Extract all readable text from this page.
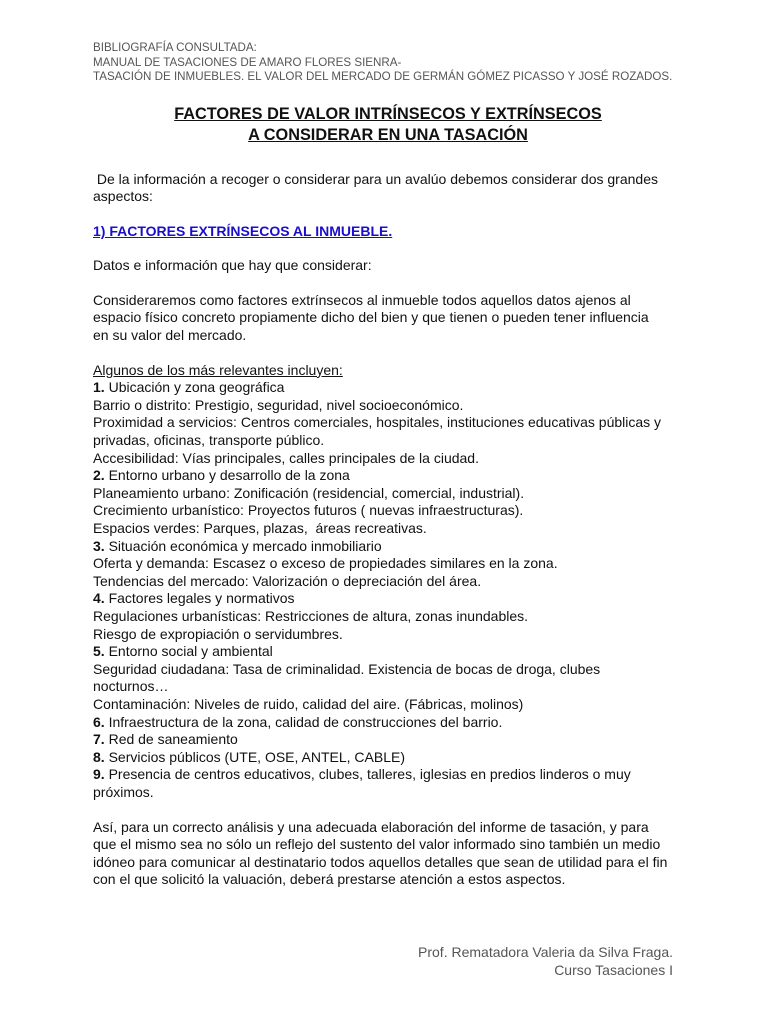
BIBLIOGRAFÍA CONSULTADA:
MANUAL DE TASACIONES DE AMARO FLORES SIENRA-
TASACIÓN DE INMUEBLES. EL VALOR DEL MERCADO DE GERMÁN GÓMEZ PICASSO Y JOSÉ ROZADOS.
FACTORES DE VALOR INTRÍNSECOS Y EXTRÍNSECOS
A CONSIDERAR EN UNA TASACIÓN
De la información a recoger o considerar para un avalúo debemos considerar dos grandes
aspectos:
1) FACTORES EXTRÍNSECOS AL INMUEBLE.
Datos e información que hay que considerar:
Consideraremos como factores extrínsecos al inmueble todos aquellos datos ajenos al
espacio físico concreto propiamente dicho del bien y que tienen o pueden tener influencia
en su valor del mercado.
Algunos de los más relevantes incluyen:
1. Ubicación y zona geográfica
Barrio o distrito: Prestigio, seguridad, nivel socioeconómico.
Proximidad a servicios: Centros comerciales, hospitales, instituciones educativas públicas y
privadas, oficinas, transporte público.
Accesibilidad: Vías principales, calles principales de la ciudad.
2. Entorno urbano y desarrollo de la zona
Planeamiento urbano: Zonificación (residencial, comercial, industrial).
Crecimiento urbanístico: Proyectos futuros ( nuevas infraestructuras).
Espacios verdes: Parques, plazas,  áreas recreativas.
3. Situación económica y mercado inmobiliario
Oferta y demanda: Escasez o exceso de propiedades similares en la zona.
Tendencias del mercado: Valorización o depreciación del área.
4. Factores legales y normativos
Regulaciones urbanísticas: Restricciones de altura, zonas inundables.
Riesgo de expropiación o servidumbres.
5. Entorno social y ambiental
Seguridad ciudadana: Tasa de criminalidad. Existencia de bocas de droga, clubes
nocturnos…
Contaminación: Niveles de ruido, calidad del aire. (Fábricas, molinos)
6. Infraestructura de la zona, calidad de construcciones del barrio.
7. Red de saneamiento
8. Servicios públicos (UTE, OSE, ANTEL, CABLE)
9. Presencia de centros educativos, clubes, talleres, iglesias en predios linderos o muy
próximos.
Así, para un correcto análisis y una adecuada elaboración del informe de tasación, y para
que el mismo sea no sólo un reflejo del sustento del valor informado sino también un medio
idóneo para comunicar al destinatario todos aquellos detalles que sean de utilidad para el fin
con el que solicitó la valuación, deberá prestarse atención a estos aspectos.
Prof. Rematadora Valeria da Silva Fraga.
Curso Tasaciones I
